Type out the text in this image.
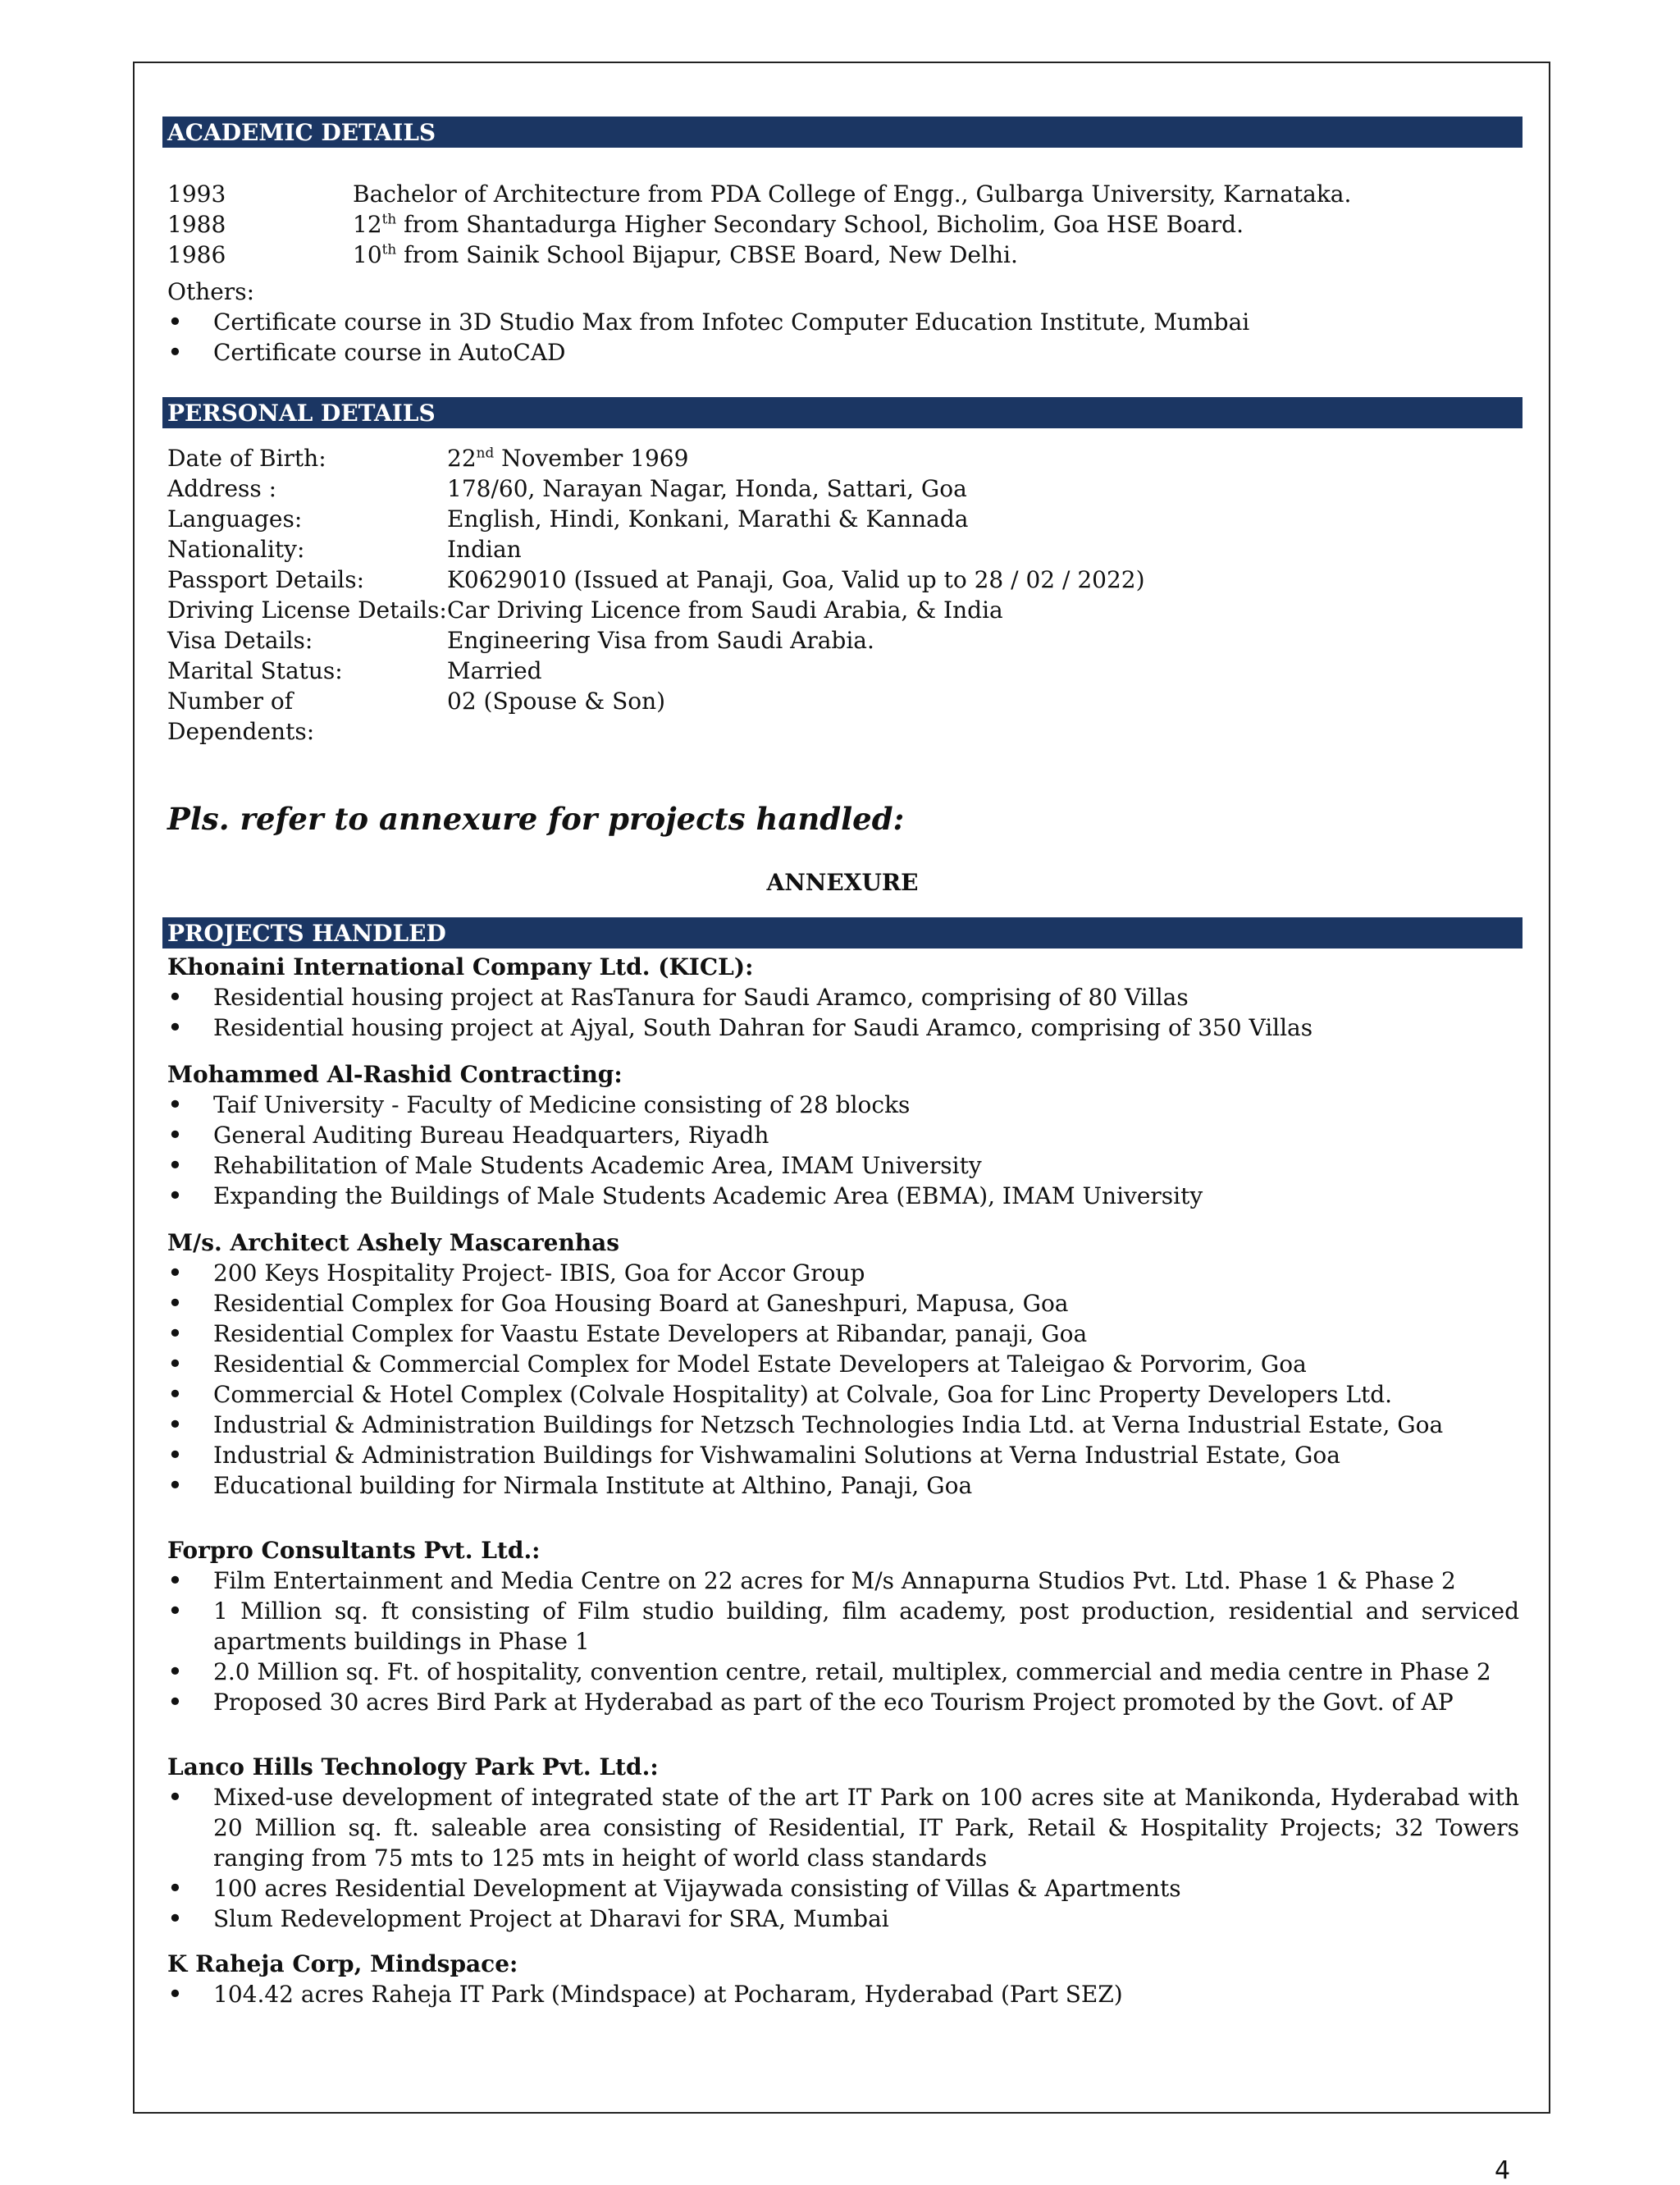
ACADEMIC DETAILS
1993	Bachelor of Architecture from PDA College of Engg., Gulbarga University, Karnataka.
1988	12th from Shantadurga Higher Secondary School, Bicholim, Goa HSE Board.
1986	10th from Sainik School Bijapur, CBSE Board, New Delhi.
Others:
• Certificate course in 3D Studio Max from Infotec Computer Education Institute, Mumbai
• Certificate course in AutoCAD
PERSONAL DETAILS
Date of Birth:	22nd November 1969
Address :	178/60, Narayan Nagar, Honda, Sattari, Goa
Languages:	English, Hindi, Konkani, Marathi & Kannada
Nationality:	Indian
Passport Details:	K0629010 (Issued at Panaji, Goa, Valid up to 28 / 02 / 2022)
Driving License Details: Car Driving Licence from Saudi Arabia, & India
Visa Details:	Engineering Visa from Saudi Arabia.
Marital Status:	Married
Number of Dependents:
02 (Spouse & Son)
Pls. refer to annexure for projects handled:
ANNEXURE
PROJECTS HANDLED
Khonaini International Company Ltd. (KICL):
• Residential housing project at RasTanura for Saudi Aramco, comprising of 80 Villas
• Residential housing project at Ajyal, South Dahran for Saudi Aramco, comprising of 350 Villas
Mohammed Al-Rashid Contracting:
• Taif University - Faculty of Medicine consisting of 28 blocks
• General Auditing Bureau Headquarters, Riyadh
• Rehabilitation of Male Students Academic Area, IMAM University
• Expanding the Buildings of Male Students Academic Area (EBMA), IMAM University
M/s. Architect Ashely Mascarenhas
• 200 Keys Hospitality Project- IBIS, Goa for Accor Group
• Residential Complex for Goa Housing Board at Ganeshpuri, Mapusa, Goa
• Residential Complex for Vaastu Estate Developers at Ribandar, panaji, Goa
• Residential & Commercial Complex for Model Estate Developers at Taleigao & Porvorim, Goa
• Commercial & Hotel Complex (Colvale Hospitality) at Colvale, Goa for Linc Property Developers Ltd.
• Industrial & Administration Buildings for Netzsch Technologies India Ltd. at Verna Industrial Estate, Goa
• Industrial & Administration Buildings for Vishwamalini Solutions at Verna Industrial Estate, Goa
• Educational building for Nirmala Institute at Althino, Panaji, Goa
Forpro Consultants Pvt. Ltd.:
• Film Entertainment and Media Centre on 22 acres for M/s Annapurna Studios Pvt. Ltd. Phase 1 & Phase 2
• 1 Million sq. ft consisting of Film studio building, film academy, post production, residential and serviced apartments buildings in Phase 1
• 2.0 Million sq. Ft. of hospitality, convention centre, retail, multiplex, commercial and media centre in Phase 2
• Proposed 30 acres Bird Park at Hyderabad as part of the eco Tourism Project promoted by the Govt. of AP
Lanco Hills Technology Park Pvt. Ltd.:
• Mixed-use development of integrated state of the art IT Park on 100 acres site at Manikonda, Hyderabad with 20 Million sq. ft. saleable area consisting of Residential, IT Park, Retail & Hospitality Projects; 32 Towers ranging from 75 mts to 125 mts in height of world class standards
• 100 acres Residential Development at Vijaywada consisting of Villas & Apartments
• Slum Redevelopment Project at Dharavi for SRA, Mumbai
K Raheja Corp, Mindspace:
• 104.42 acres Raheja IT Park (Mindspace) at Pocharam, Hyderabad (Part SEZ)
4
